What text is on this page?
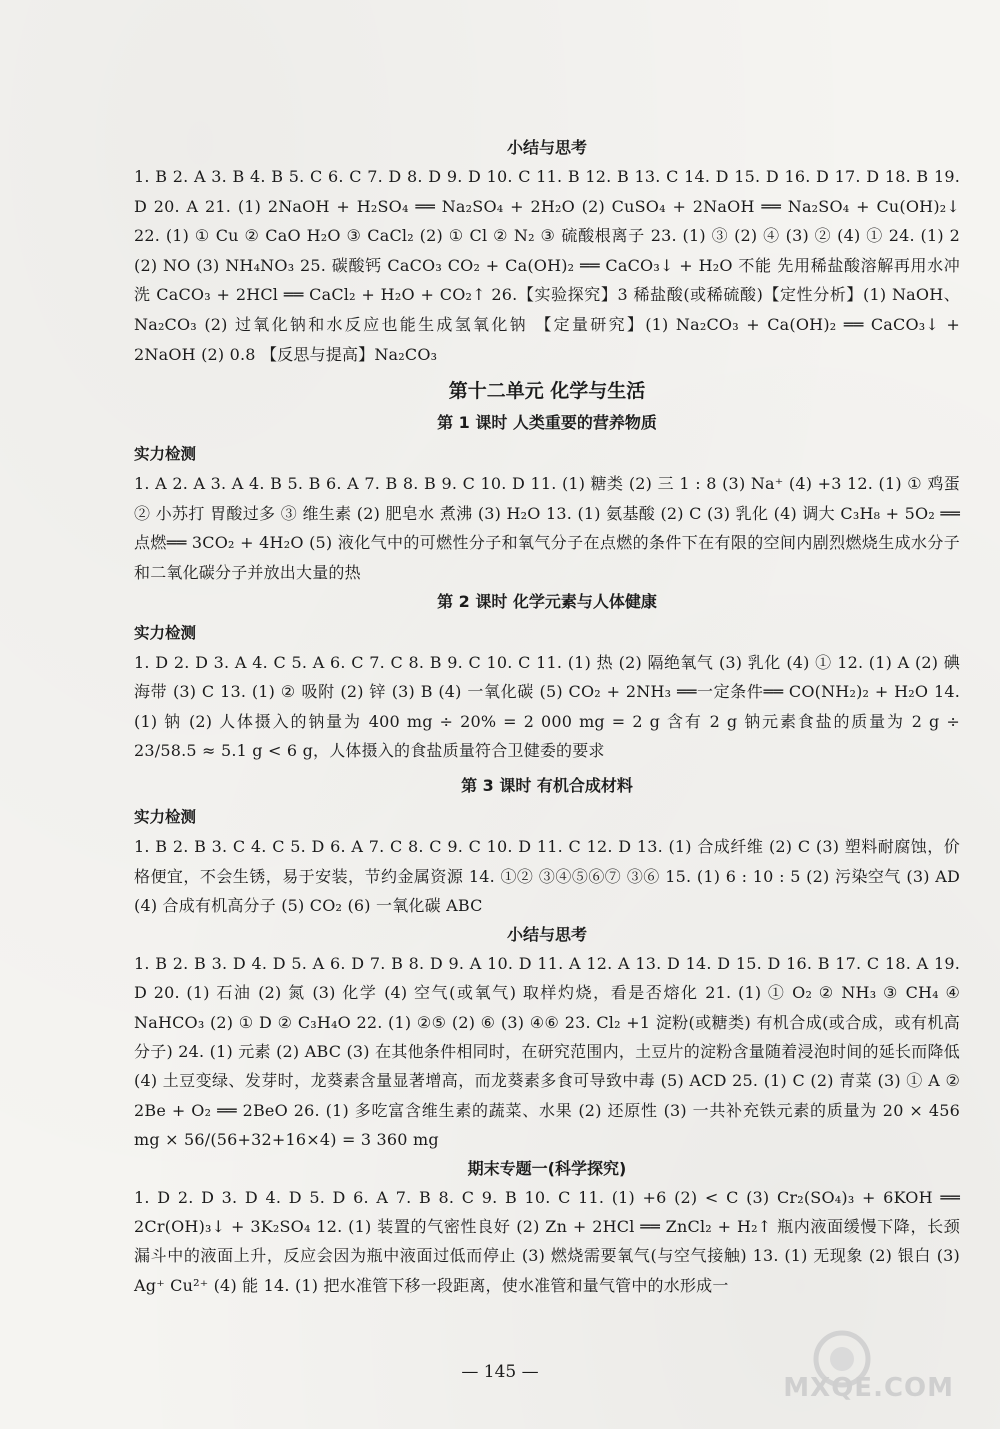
小结与思考

1. B 2. A 3. B 4. B 5. C 6. C 7. D 8. D 9. D 10. C 11. B 12. B 13. C 14. D 15. D 16. D 17. D 18. B 19. D 20. A 21. (1) 2NaOH + H₂SO₄ ══ Na₂SO₄ + 2H₂O (2) CuSO₄ + 2NaOH ══ Na₂SO₄ + Cu(OH)₂↓ 22. (1) ① Cu ② CaO H₂O ③ CaCl₂ (2) ① Cl ② N₂ ③ 硫酸根离子 23. (1) ③ (2) ④ (3) ② (4) ① 24. (1) 2 (2) NO (3) NH₄NO₃ 25. 碳酸钙 CaCO₃ CO₂ + Ca(OH)₂ ══ CaCO₃↓ + H₂O 不能 先用稀盐酸溶解再用水冲洗 CaCO₃ + 2HCl ══ CaCl₂ + H₂O + CO₂↑ 26.【实验探究】3 稀盐酸(或稀硫酸)【定性分析】(1) NaOH、Na₂CO₃ (2) 过氧化钠和水反应也能生成氢氧化钠 【定量研究】(1) Na₂CO₃ + Ca(OH)₂ ══ CaCO₃↓ + 2NaOH (2) 0.8 【反思与提高】Na₂CO₃

第十二单元 化学与生活
第 1 课时 人类重要的营养物质
实力检测

1. A 2. A 3. A 4. B 5. B 6. A 7. B 8. B 9. C 10. D 11. (1) 糖类 (2) 三 1 : 8 (3) Na⁺ (4) +3 12. (1) ① 鸡蛋 ② 小苏打 胃酸过多 ③ 维生素 (2) 肥皂水 煮沸 (3) H₂O 13. (1) 氨基酸 (2) C (3) 乳化 (4) 调大 C₃H₈ + 5O₂ ══点燃══ 3CO₂ + 4H₂O (5) 液化气中的可燃性分子和氧气分子在点燃的条件下在有限的空间内剧烈燃烧生成水分子和二氧化碳分子并放出大量的热

第 2 课时 化学元素与人体健康
实力检测

1. D 2. D 3. A 4. C 5. A 6. C 7. C 8. B 9. C 10. C 11. (1) 热 (2) 隔绝氧气 (3) 乳化 (4) ① 12. (1) A (2) 碘 海带 (3) C 13. (1) ② 吸附 (2) 锌 (3) B (4) 一氧化碳 (5) CO₂ + 2NH₃ ══一定条件══ CO(NH₂)₂ + H₂O 14. (1) 钠 (2) 人体摄入的钠量为 400 mg ÷ 20% = 2 000 mg = 2 g 含有 2 g 钠元素食盐的质量为 2 g ÷ 23/58.5 ≈ 5.1 g < 6 g，人体摄入的食盐质量符合卫健委的要求

第 3 课时 有机合成材料
实力检测

1. B 2. B 3. C 4. C 5. D 6. A 7. C 8. C 9. C 10. D 11. C 12. D 13. (1) 合成纤维 (2) C (3) 塑料耐腐蚀，价格便宜，不会生锈，易于安装，节约金属资源 14. ①② ③④⑤⑥⑦ ③⑥ 15. (1) 6 : 10 : 5 (2) 污染空气 (3) AD (4) 合成有机高分子 (5) CO₂ (6) 一氧化碳 ABC

小结与思考

1. B 2. B 3. D 4. D 5. A 6. D 7. B 8. D 9. A 10. D 11. A 12. A 13. D 14. D 15. D 16. B 17. C 18. A 19. D 20. (1) 石油 (2) 氮 (3) 化学 (4) 空气(或氧气) 取样灼烧，看是否熔化 21. (1) ① O₂ ② NH₃ ③ CH₄ ④ NaHCO₃ (2) ① D ② C₃H₄O 22. (1) ②⑤ (2) ⑥ (3) ④⑥ 23. Cl₂ +1 淀粉(或糖类) 有机合成(或合成，或有机高分子) 24. (1) 元素 (2) ABC (3) 在其他条件相同时，在研究范围内，土豆片的淀粉含量随着浸泡时间的延长而降低 (4) 土豆变绿、发芽时，龙葵素含量显著增高，而龙葵素多食可导致中毒 (5) ACD 25. (1) C (2) 青菜 (3) ① A ② 2Be + O₂ ══ 2BeO 26. (1) 多吃富含维生素的蔬菜、水果 (2) 还原性 (3) 一共补充铁元素的质量为 20 × 456 mg × 56/(56+32+16×4) = 3 360 mg

期末专题一(科学探究)

1. D 2. D 3. D 4. D 5. D 6. A 7. B 8. C 9. B 10. C 11. (1) +6 (2) < C (3) Cr₂(SO₄)₃ + 6KOH ══ 2Cr(OH)₃↓ + 3K₂SO₄ 12. (1) 装置的气密性良好 (2) Zn + 2HCl ══ ZnCl₂ + H₂↑ 瓶内液面缓慢下降，长颈漏斗中的液面上升，反应会因为瓶中液面过低而停止 (3) 燃烧需要氧气(与空气接触) 13. (1) 无现象 (2) 银白 (3) Ag⁺ Cu²⁺ (4) 能 14. (1) 把水准管下移一段距离，使水准管和量气管中的水形成一

— 145 —
MXQE.COM
